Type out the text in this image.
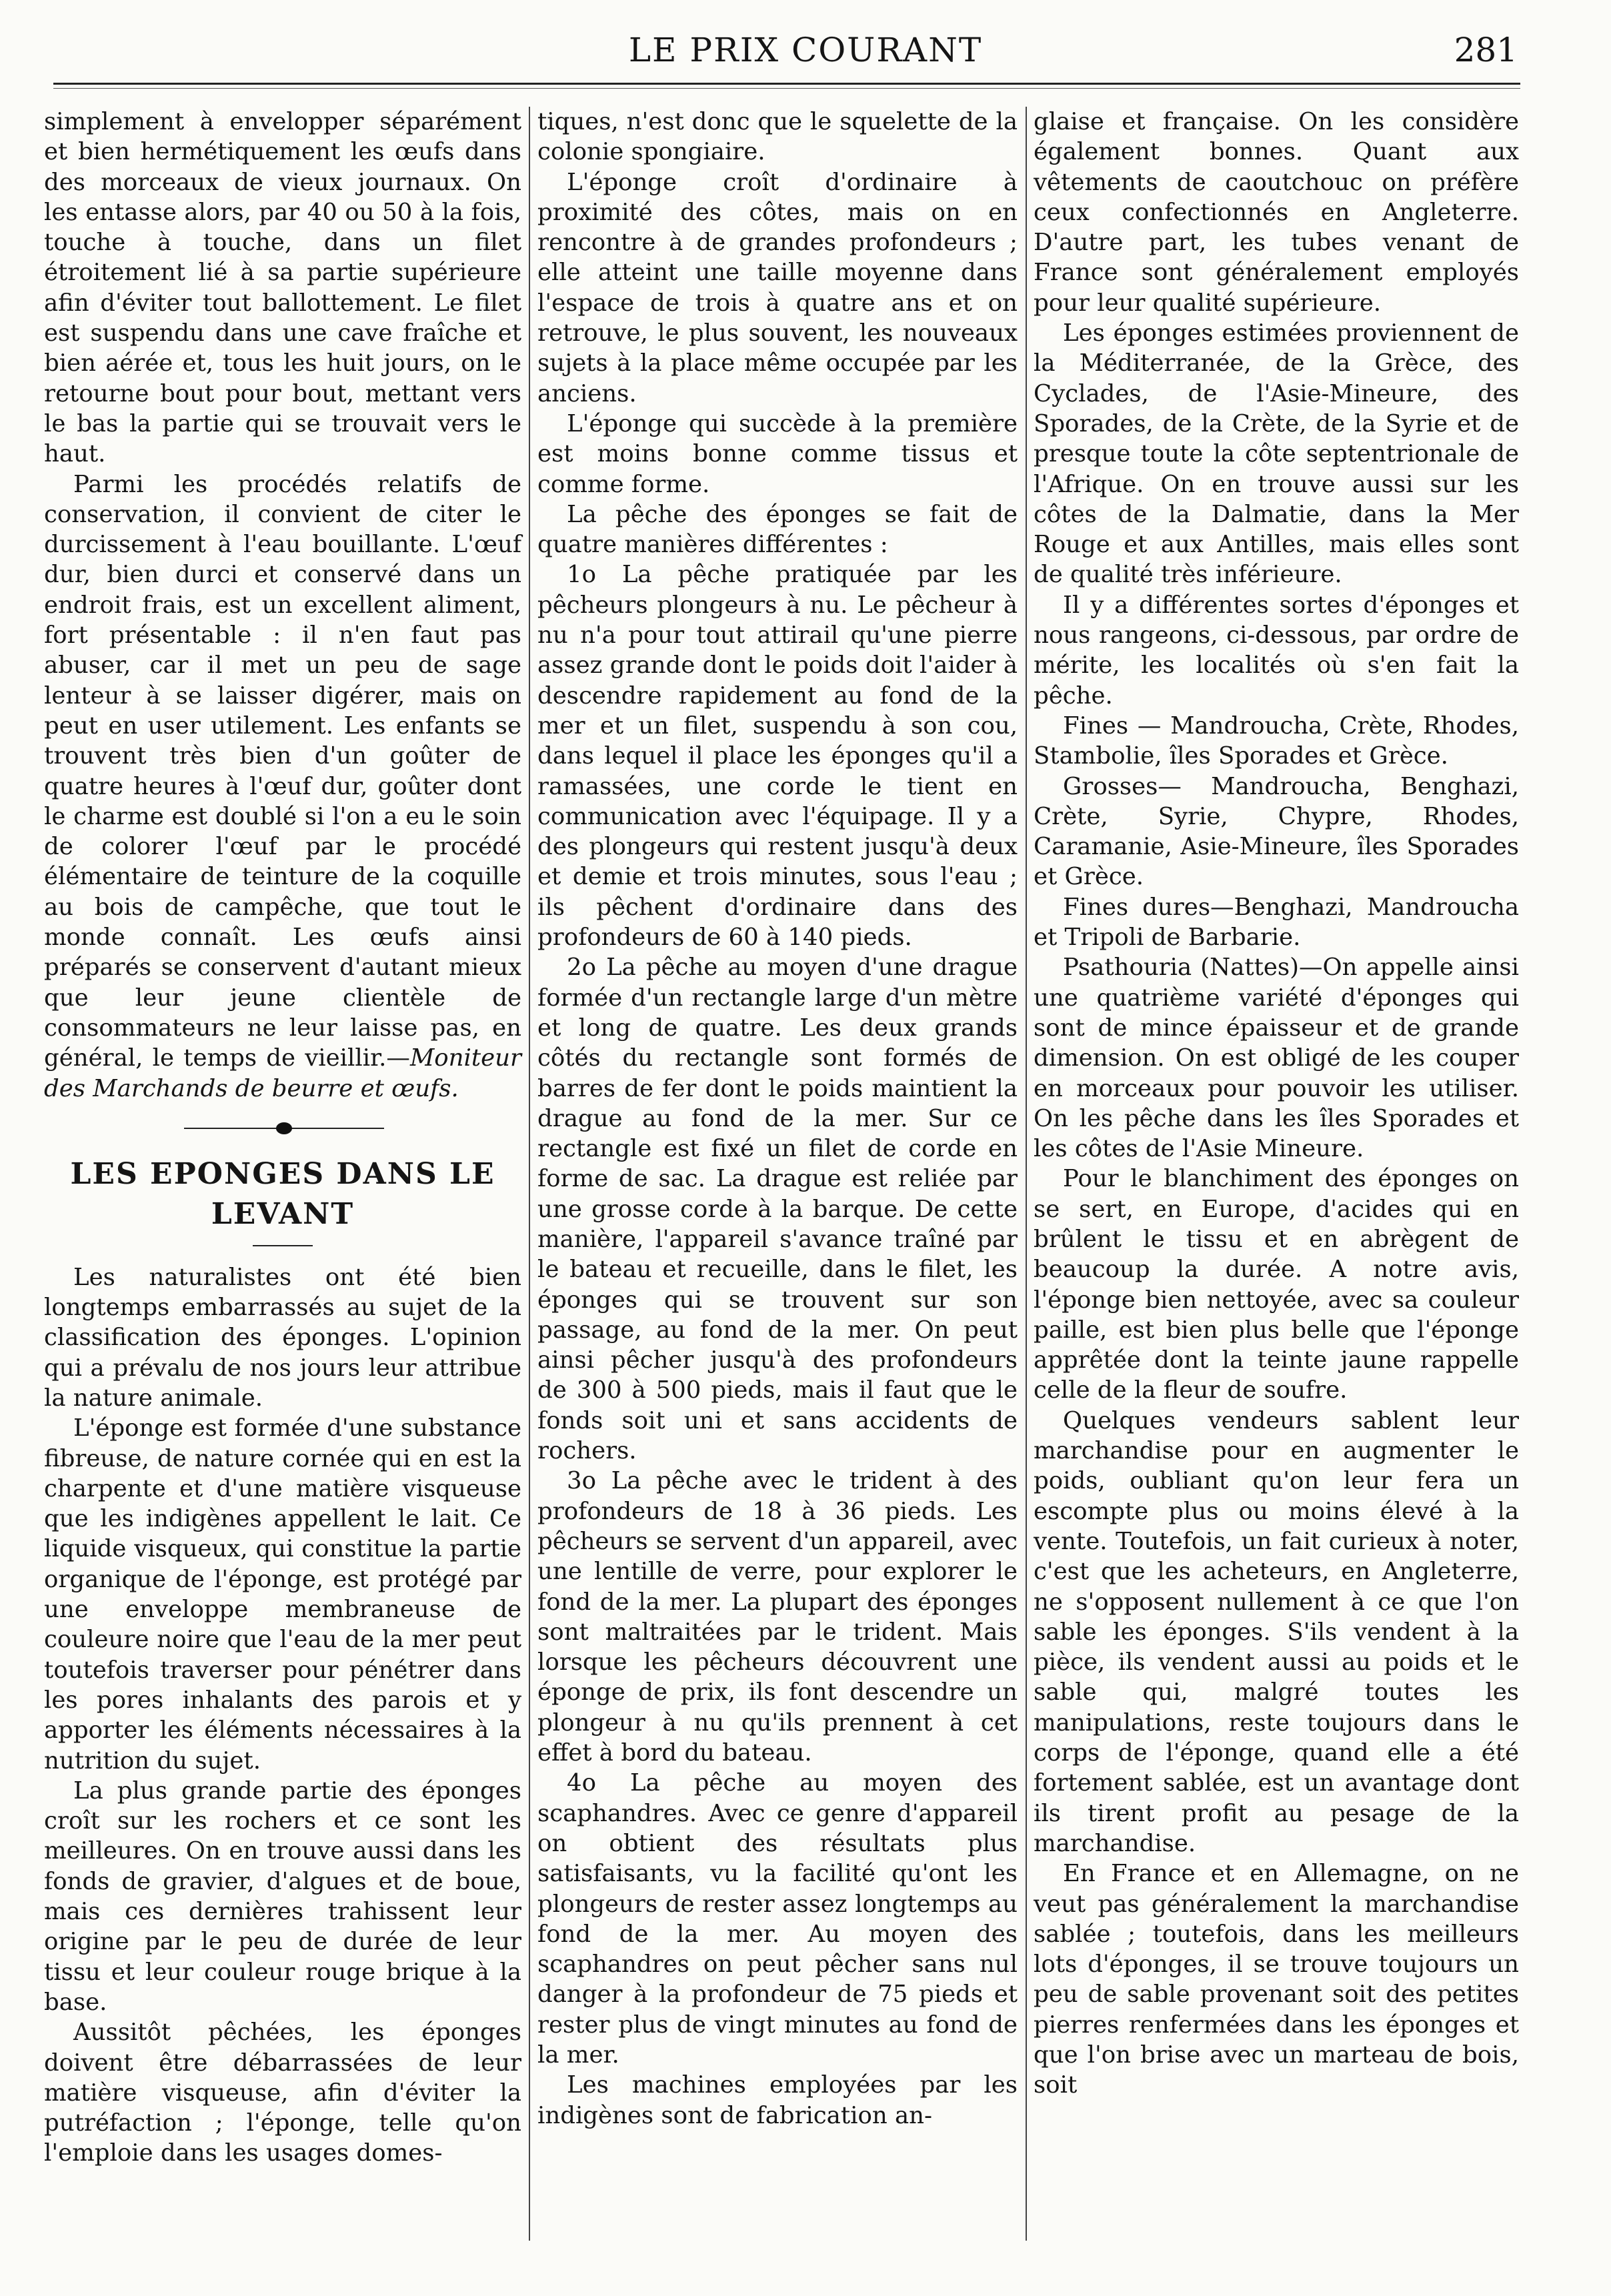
LE PRIX COURANT	281

simplement à envelopper séparément et bien hermétiquement les œufs dans des morceaux de vieux journaux. On les entasse alors, par 40 ou 50 à la fois, touche à touche, dans un filet étroitement lié à sa partie supérieure afin d'éviter tout ballottement. Le filet est suspendu dans une cave fraîche et bien aérée et, tous les huit jours, on le retourne bout pour bout, mettant vers le bas la partie qui se trouvait vers le haut.

Parmi les procédés relatifs de conservation, il convient de citer le durcissement à l'eau bouillante. L'œuf dur, bien durci et conservé dans un endroit frais, est un excellent aliment, fort présentable : il n'en faut pas abuser, car il met un peu de sage lenteur à se laisser digérer, mais on peut en user utilement. Les enfants se trouvent très bien d'un goûter de quatre heures à l'œuf dur, goûter dont le charme est doublé si l'on a eu le soin de colorer l'œuf par le procédé élémentaire de teinture de la coquille au bois de campêche, que tout le monde connaît. Les œufs ainsi préparés se conservent d'autant mieux que leur jeune clientèle de consommateurs ne leur laisse pas, en général, le temps de vieillir.—Moniteur des Marchands de beurre et œufs.

LES EPONGES DANS LE LEVANT

Les naturalistes ont été bien longtemps embarrassés au sujet de la classification des éponges. L'opinion qui a prévalu de nos jours leur attribue la nature animale.

L'éponge est formée d'une substance fibreuse, de nature cornée qui en est la charpente et d'une matière visqueuse que les indigènes appellent le lait. Ce liquide visqueux, qui constitue la partie organique de l'éponge, est protégé par une enveloppe membraneuse de couleure noire que l'eau de la mer peut toutefois traverser pour pénétrer dans les pores inhalants des parois et y apporter les éléments nécessaires à la nutrition du sujet.

La plus grande partie des éponges croît sur les rochers et ce sont les meilleures. On en trouve aussi dans les fonds de gravier, d'algues et de boue, mais ces dernières trahissent leur origine par le peu de durée de leur tissu et leur couleur rouge brique à la base.

Aussitôt pêchées, les éponges doivent être débarrassées de leur matière visqueuse, afin d'éviter la putréfaction ; l'éponge, telle qu'on l'emploie dans les usages domes-

tiques, n'est donc que le squelette de la colonie spongiaire.

L'éponge croît d'ordinaire à proximité des côtes, mais on en rencontre à de grandes profondeurs ; elle atteint une taille moyenne dans l'espace de trois à quatre ans et on retrouve, le plus souvent, les nouveaux sujets à la place même occupée par les anciens.

L'éponge qui succède à la première est moins bonne comme tissus et comme forme.

La pêche des éponges se fait de quatre manières différentes :

1o La pêche pratiquée par les pêcheurs plongeurs à nu. Le pêcheur à nu n'a pour tout attirail qu'une pierre assez grande dont le poids doit l'aider à descendre rapidement au fond de la mer et un filet, suspendu à son cou, dans lequel il place les éponges qu'il a ramassées, une corde le tient en communication avec l'équipage. Il y a des plongeurs qui restent jusqu'à deux et demie et trois minutes, sous l'eau ; ils pêchent d'ordinaire dans des profondeurs de 60 à 140 pieds.

2o La pêche au moyen d'une drague formée d'un rectangle large d'un mètre et long de quatre. Les deux grands côtés du rectangle sont formés de barres de fer dont le poids maintient la drague au fond de la mer. Sur ce rectangle est fixé un filet de corde en forme de sac. La drague est reliée par une grosse corde à la barque. De cette manière, l'appareil s'avance traîné par le bateau et recueille, dans le filet, les éponges qui se trouvent sur son passage, au fond de la mer. On peut ainsi pêcher jusqu'à des profondeurs de 300 à 500 pieds, mais il faut que le fonds soit uni et sans accidents de rochers.

3o La pêche avec le trident à des profondeurs de 18 à 36 pieds. Les pêcheurs se servent d'un appareil, avec une lentille de verre, pour explorer le fond de la mer. La plupart des éponges sont maltraitées par le trident. Mais lorsque les pêcheurs découvrent une éponge de prix, ils font descendre un plongeur à nu qu'ils prennent à cet effet à bord du bateau.

4o La pêche au moyen des scaphandres. Avec ce genre d'appareil on obtient des résultats plus satisfaisants, vu la facilité qu'ont les plongeurs de rester assez longtemps au fond de la mer. Au moyen des scaphandres on peut pêcher sans nul danger à la profondeur de 75 pieds et rester plus de vingt minutes au fond de la mer.

Les machines employées par les indigènes sont de fabrication an-

glaise et française. On les considère également bonnes. Quant aux vêtements de caoutchouc on préfère ceux confectionnés en Angleterre. D'autre part, les tubes venant de France sont généralement employés pour leur qualité supérieure.

Les éponges estimées proviennent de la Méditerranée, de la Grèce, des Cyclades, de l'Asie-Mineure, des Sporades, de la Crète, de la Syrie et de presque toute la côte septentrionale de l'Afrique. On en trouve aussi sur les côtes de la Dalmatie, dans la Mer Rouge et aux Antilles, mais elles sont de qualité très inférieure.

Il y a différentes sortes d'éponges et nous rangeons, ci-dessous, par ordre de mérite, les localités où s'en fait la pêche.

Fines — Mandroucha, Crète, Rhodes, Stambolie, îles Sporades et Grèce.

Grosses— Mandroucha, Benghazi, Crète, Syrie, Chypre, Rhodes, Caramanie, Asie-Mineure, îles Sporades et Grèce.

Fines dures—Benghazi, Mandroucha et Tripoli de Barbarie.

Psathouria (Nattes)—On appelle ainsi une quatrième variété d'éponges qui sont de mince épaisseur et de grande dimension. On est obligé de les couper en morceaux pour pouvoir les utiliser. On les pêche dans les îles Sporades et les côtes de l'Asie Mineure.

Pour le blanchiment des éponges on se sert, en Europe, d'acides qui en brûlent le tissu et en abrègent de beaucoup la durée. A notre avis, l'éponge bien nettoyée, avec sa couleur paille, est bien plus belle que l'éponge apprêtée dont la teinte jaune rappelle celle de la fleur de soufre.

Quelques vendeurs sablent leur marchandise pour en augmenter le poids, oubliant qu'on leur fera un escompte plus ou moins élevé à la vente. Toutefois, un fait curieux à noter, c'est que les acheteurs, en Angleterre, ne s'opposent nullement à ce que l'on sable les éponges. S'ils vendent à la pièce, ils vendent aussi au poids et le sable qui, malgré toutes les manipulations, reste toujours dans le corps de l'éponge, quand elle a été fortement sablée, est un avantage dont ils tirent profit au pesage de la marchandise.

En France et en Allemagne, on ne veut pas généralement la marchandise sablée ; toutefois, dans les meilleurs lots d'éponges, il se trouve toujours un peu de sable provenant soit des petites pierres renfermées dans les éponges et que l'on brise avec un marteau de bois, soit
